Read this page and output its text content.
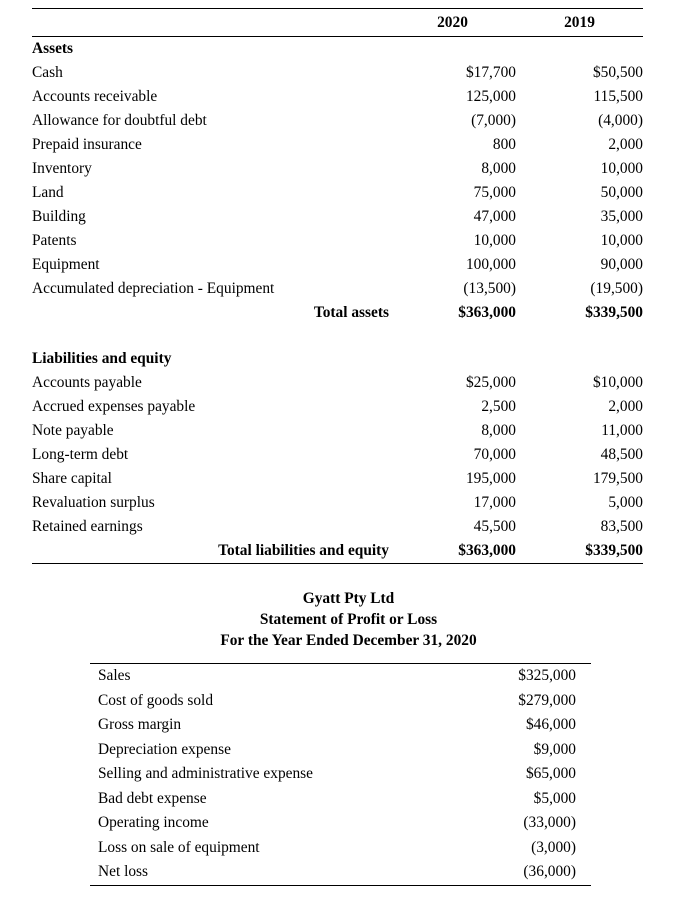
	2020	2019
Assets		
Cash	$17,700	$50,500
Accounts receivable	125,000	115,500
Allowance for doubtful debt	(7,000)	(4,000)
Prepaid insurance	800	2,000
Inventory	8,000	10,000
Land	75,000	50,000
Building	47,000	35,000
Patents	10,000	10,000
Equipment	100,000	90,000
Accumulated depreciation - Equipment	(13,500)	(19,500)
Total assets	$363,000	$339,500

Liabilities and equity		
Accounts payable	$25,000	$10,000
Accrued expenses payable	2,500	2,000
Note payable	8,000	11,000
Long-term debt	70,000	48,500
Share capital	195,000	179,500
Revaluation surplus	17,000	5,000
Retained earnings	45,500	83,500
Total liabilities and equity	$363,000	$339,500
Gyatt Pty Ltd
Statement of Profit or Loss
For the Year Ended December 31, 2020
Sales	$325,000
Cost of goods sold	$279,000
Gross margin	$46,000
Depreciation expense	$9,000
Selling and administrative expense	$65,000
Bad debt expense	$5,000
Operating income	(33,000)
Loss on sale of equipment	(3,000)
Net loss	(36,000)
